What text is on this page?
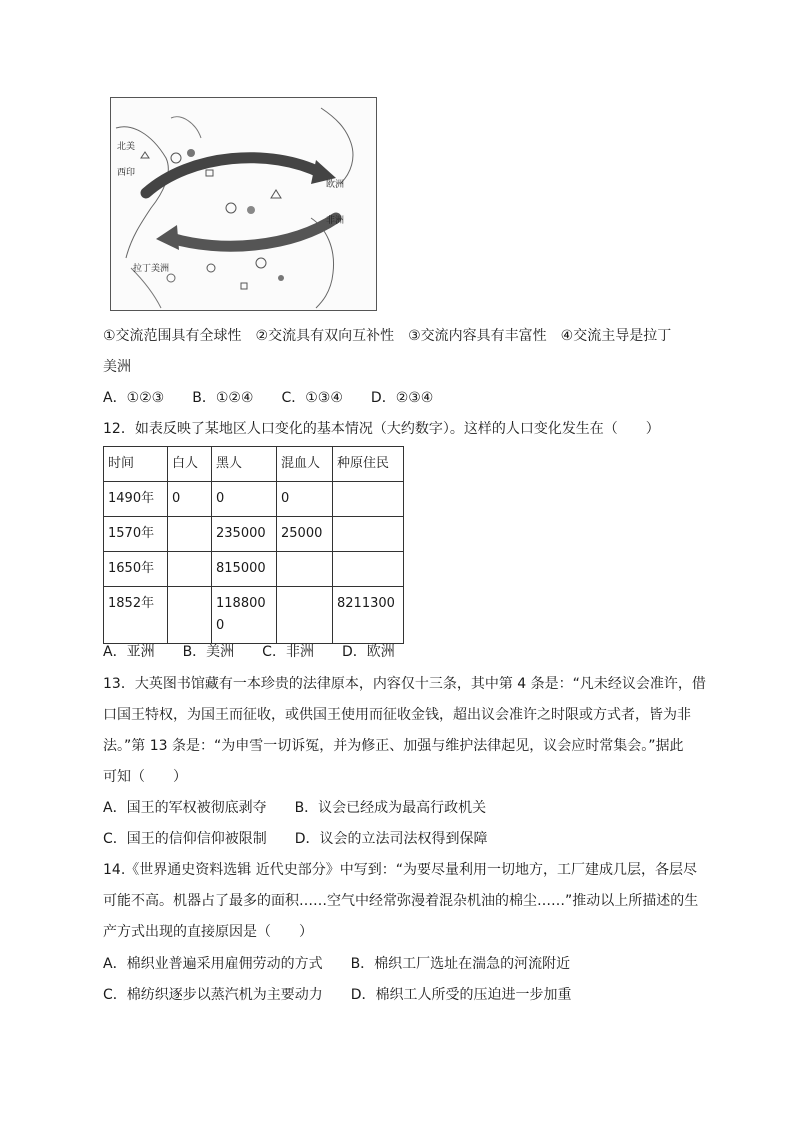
北美
欧洲
西印
非洲
拉丁美洲
①交流范围具有全球性　②交流具有双向互补性　③交流内容具有丰富性　④交流主导是拉丁
美洲
A．①②③　　B．①②④　　C．①③④　　D．②③④
12．如表反映了某地区人口变化的基本情况（大约数字）。这样的人口变化发生在（　　）
时间	白人	黑人	混血人	种原住民
1490年	0	0	0	
1570年		235000	25000	
1650年		815000		
1852年		1188000		8211300
A．亚洲　　B．美洲　　C．非洲　　D．欧洲
13．大英图书馆藏有一本珍贵的法律原本，内容仅十三条，其中第 4 条是：“凡未经议会准许，借
口国王特权，为国王而征收，或供国王使用而征收金钱，超出议会准许之时限或方式者，皆为非
法。”第 13 条是：“为申雪一切诉冤，并为修正、加强与维护法律起见，议会应时常集会。”据此
可知（　　）
A．国王的军权被彻底剥夺　　B．议会已经成为最高行政机关
C．国王的信仰信仰被限制　　D．议会的立法司法权得到保障
14.《世界通史资料选辑 近代史部分》中写到：“为要尽量利用一切地方，工厂建成几层，各层尽
可能不高。机器占了最多的面积……空气中经常弥漫着混杂机油的棉尘……”推动以上所描述的生
产方式出现的直接原因是（　　）
A．棉织业普遍采用雇佣劳动的方式　　B．棉织工厂选址在湍急的河流附近
C．棉纺织逐步以蒸汽机为主要动力　　D．棉织工人所受的压迫进一步加重
